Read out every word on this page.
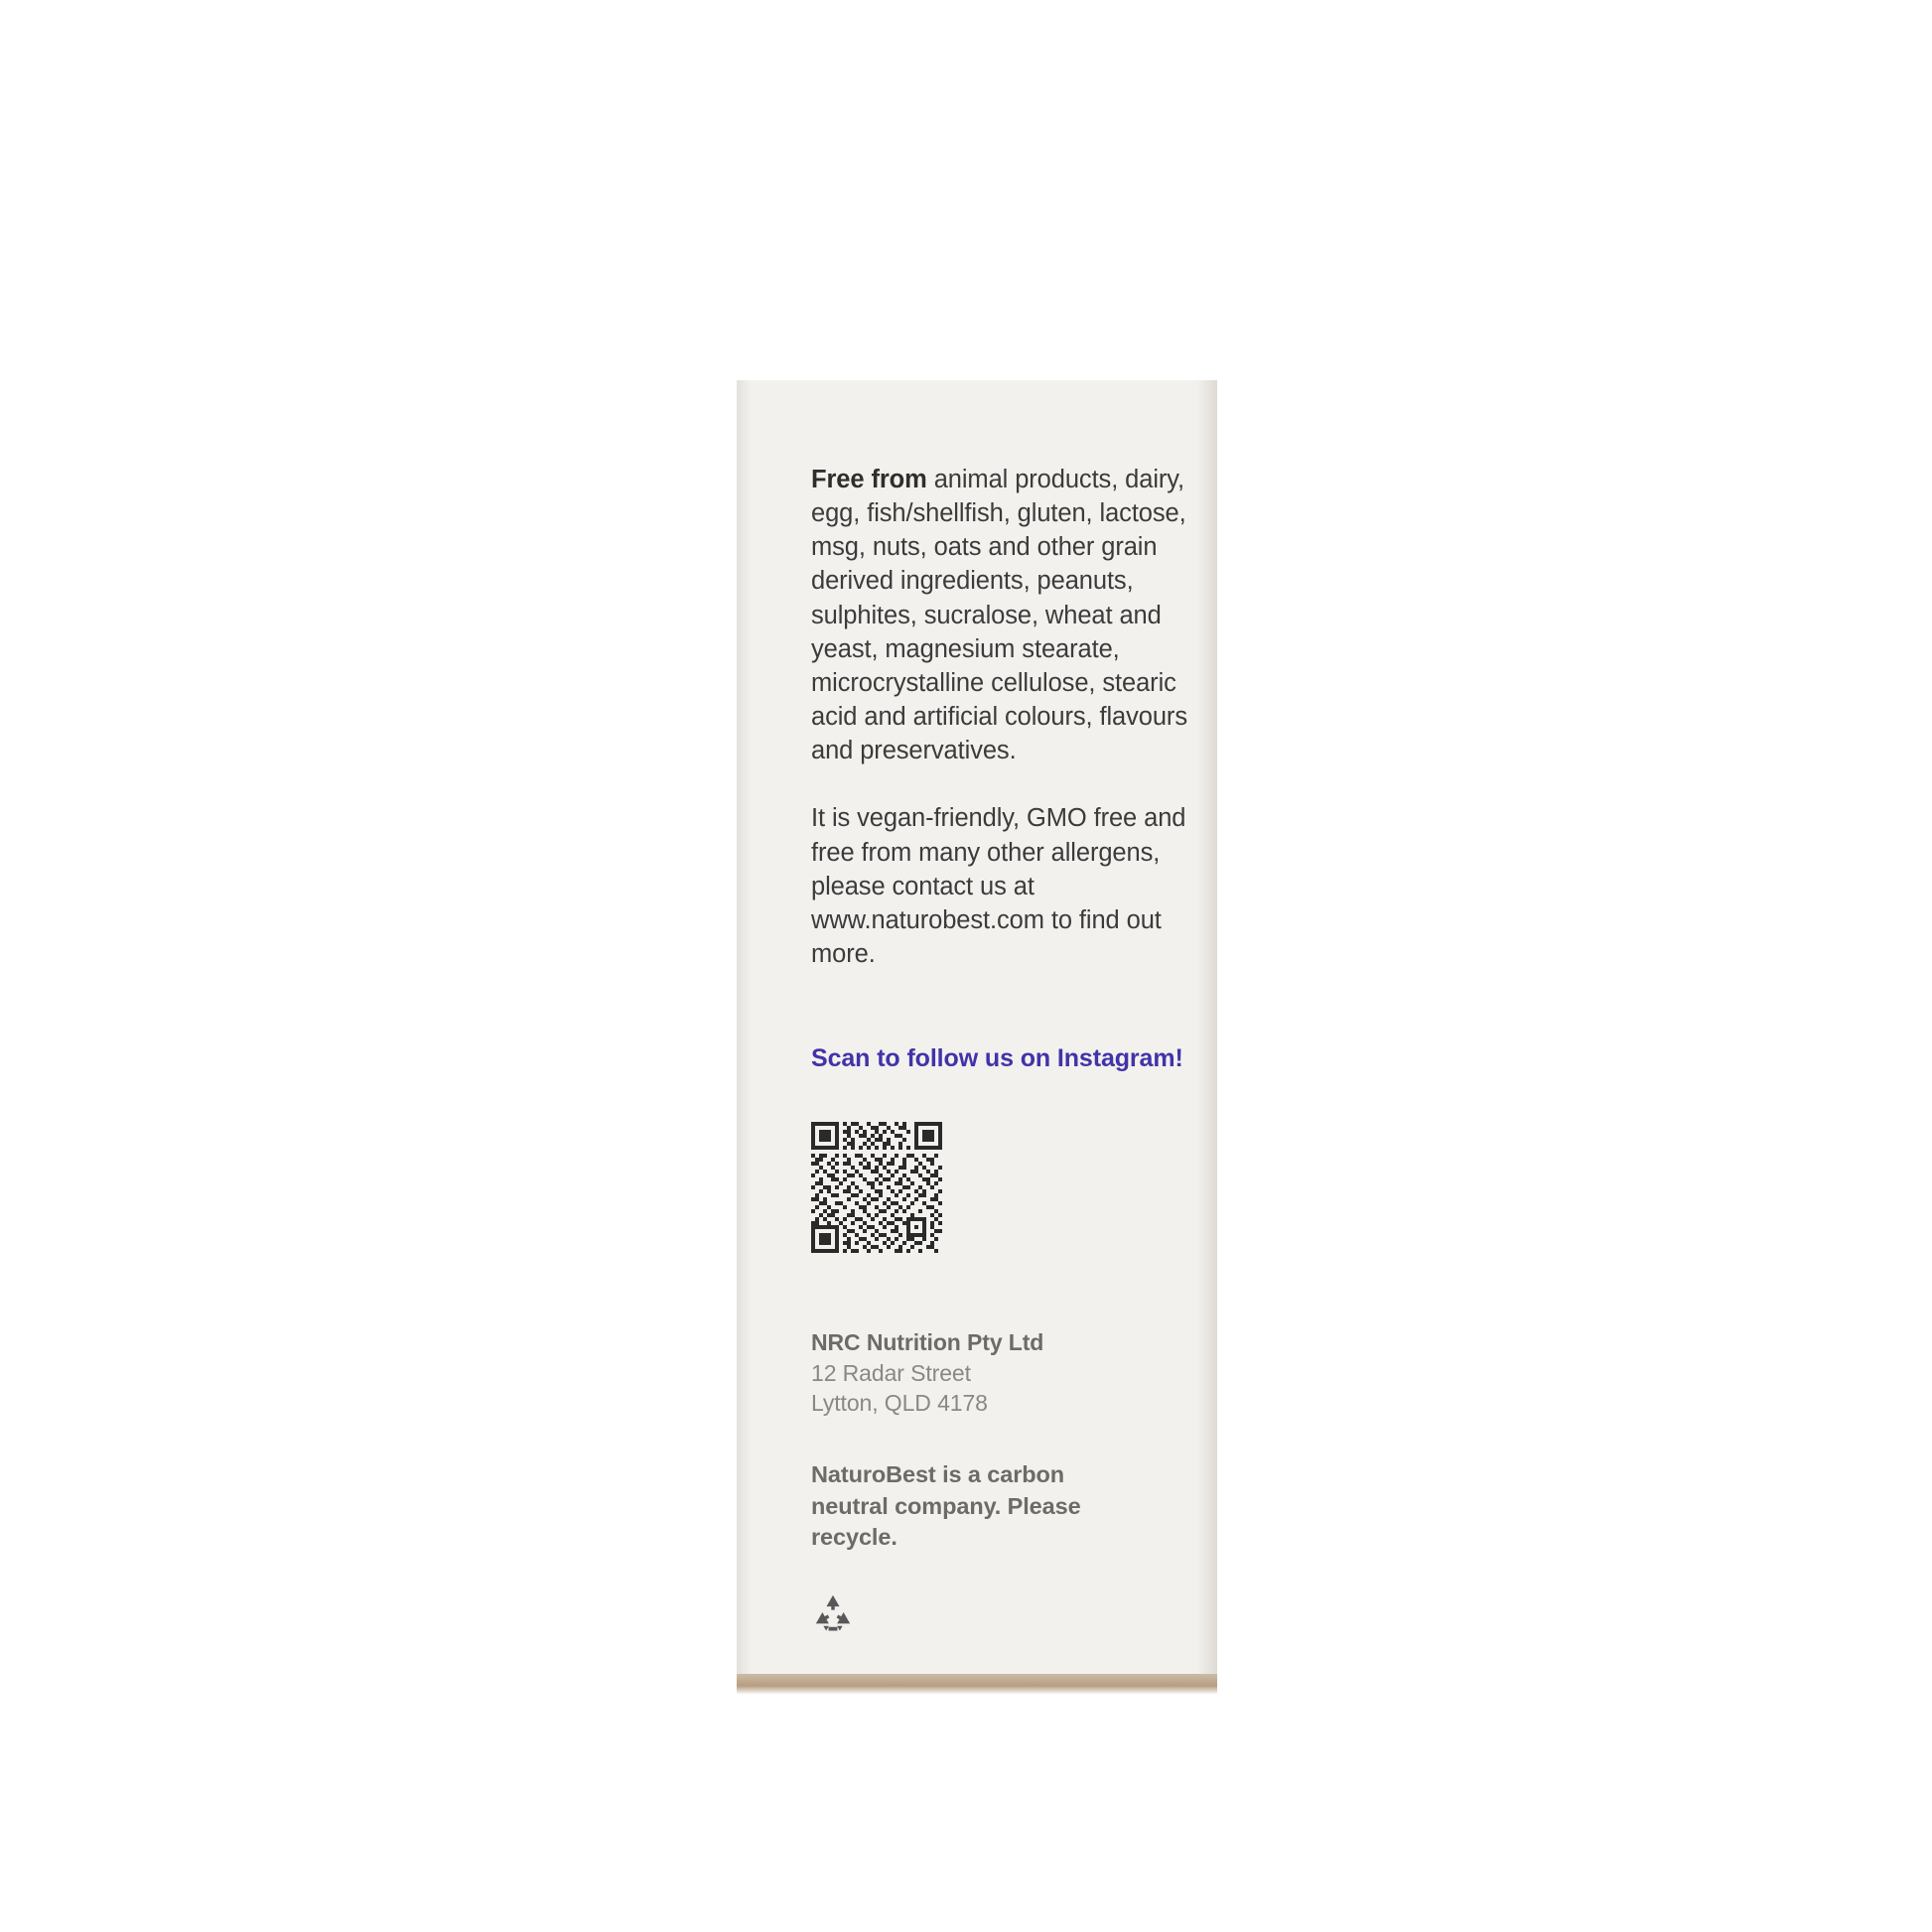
Free from animal products, dairy, egg, fish/shellfish, gluten, lactose, msg, nuts, oats and other grain derived ingredients, peanuts, sulphites, sucralose, wheat and yeast, magnesium stearate, microcrystalline cellulose, stearic acid and artificial colours, flavours and preservatives.

It is vegan-friendly, GMO free and free from many other allergens, please contact us at www.naturobest.com to find out more.

Scan to follow us on Instagram!
NRC Nutrition Pty Ltd
12 Radar Street
Lytton, QLD 4178
NaturoBest is a carbon neutral company. Please recycle.
